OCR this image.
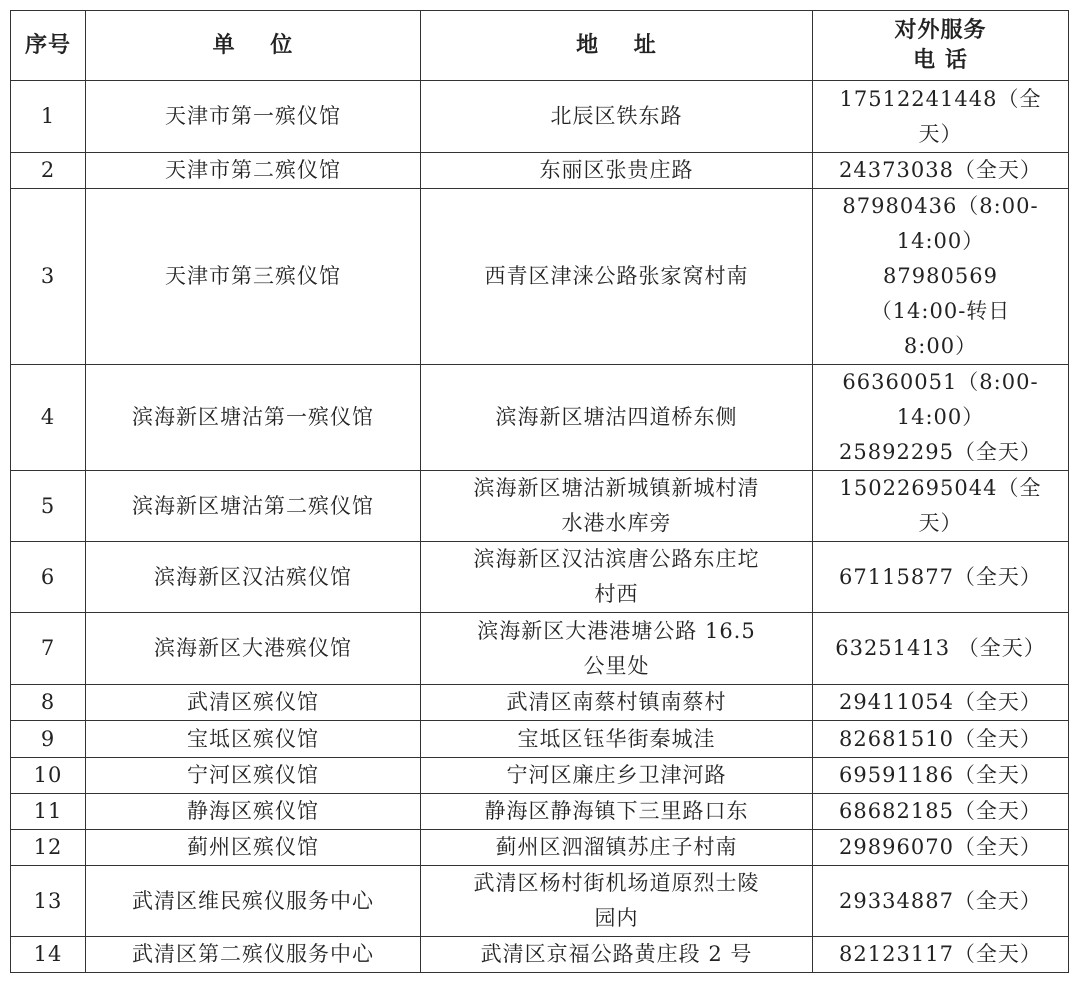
序号	单    位	地    址	对外服务
电 话
1	天津市第一殡仪馆	北辰区铁东路	17512241448（全
天）
2	天津市第二殡仪馆	东丽区张贵庄路	24373038（全天）
3	天津市第三殡仪馆	西青区津涞公路张家窝村南	87980436（8:00-
14:00）
87980569
（14:00-转日
8:00）
4	滨海新区塘沽第一殡仪馆	滨海新区塘沽四道桥东侧	66360051（8:00-
14:00）
25892295（全天）
5	滨海新区塘沽第二殡仪馆	滨海新区塘沽新城镇新城村清
水港水库旁	15022695044（全
天）
6	滨海新区汉沽殡仪馆	滨海新区汉沽滨唐公路东庄坨
村西	67115877（全天）
7	滨海新区大港殡仪馆	滨海新区大港港塘公路 16.5
公里处	63251413 （全天）
8	武清区殡仪馆	武清区南蔡村镇南蔡村	29411054（全天）
9	宝坻区殡仪馆	宝坻区钰华街秦城洼	82681510（全天）
10	宁河区殡仪馆	宁河区廉庄乡卫津河路	69591186（全天）
11	静海区殡仪馆	静海区静海镇下三里路口东	68682185（全天）
12	蓟州区殡仪馆	蓟州区泗溜镇苏庄子村南	29896070（全天）
13	武清区维民殡仪服务中心	武清区杨村街机场道原烈士陵
园内	29334887（全天）
14	武清区第二殡仪服务中心	武清区京福公路黄庄段 2 号	82123117（全天）
